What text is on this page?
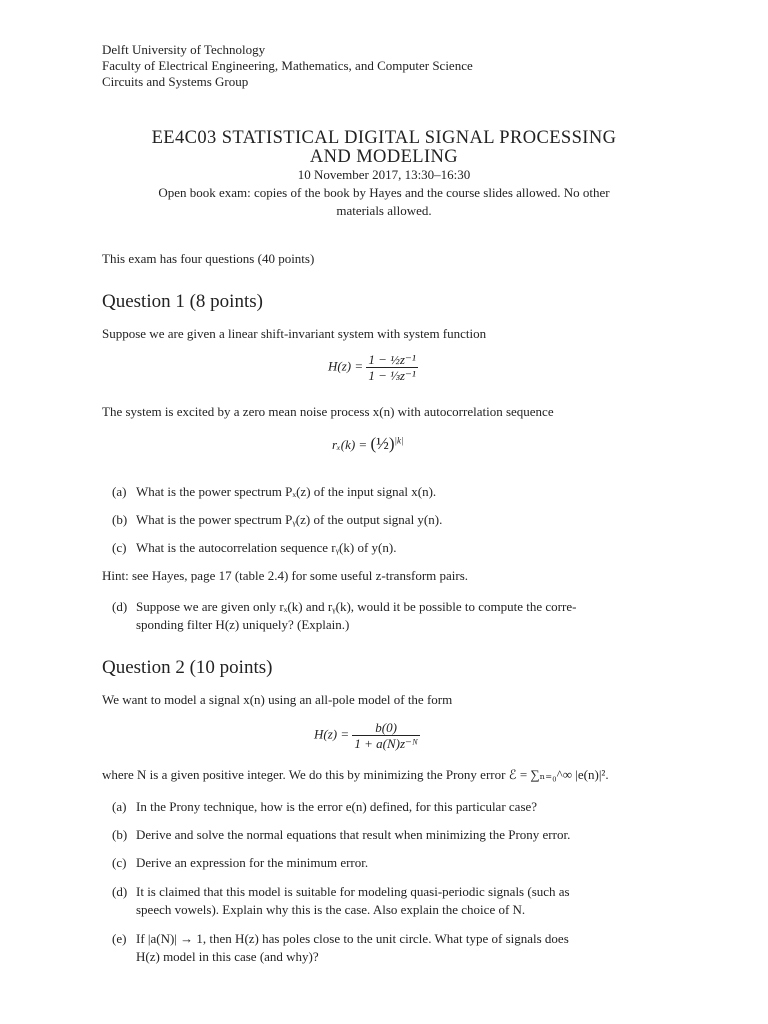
Delft University of Technology
Faculty of Electrical Engineering, Mathematics, and Computer Science
Circuits and Systems Group
EE4C03 STATISTICAL DIGITAL SIGNAL PROCESSING
AND MODELING
10 November 2017, 13:30–16:30
Open book exam: copies of the book by Hayes and the course slides allowed. No other
materials allowed.
This exam has four questions (40 points)
Question 1 (8 points)
Suppose we are given a linear shift-invariant system with system function
$H(z) = \frac{\text{1 − ½z⁻¹}}{\text{1 − ⅓z⁻¹}}$
The system is excited by a zero mean noise process x(n) with autocorrelation sequence
rₓ(k) = (½)$^{|k|}$
(a) What is the power spectrum Pₓ(z) of the input signal x(n).
(b) What is the power spectrum Pᵧ(z) of the output signal y(n).
(c) What is the autocorrelation sequence rᵧ(k) of y(n).
Hint: see Hayes, page 17 (table 2.4) for some useful z-transform pairs.
(d) Suppose we are given only rₓ(k) and rᵧ(k), would it be possible to compute the corre-
sponding filter H(z) uniquely? (Explain.)
Question 2 (10 points)
We want to model a signal x(n) using an all-pole model of the form
$H(z) = \frac{b(0)}{\text{1 + a(N)z⁻ᴺ}}$
where N is a given positive integer. We do this by minimizing the Prony error ℰ = ∑ₙ₌₀^∞ |e(n)|².
(a) In the Prony technique, how is the error e(n) defined, for this particular case?
(b) Derive and solve the normal equations that result when minimizing the Prony error.
(c) Derive an expression for the minimum error.
(d) It is claimed that this model is suitable for modeling quasi-periodic signals (such as
speech vowels). Explain why this is the case. Also explain the choice of N.
(e) If |a(N)| → 1, then H(z) has poles close to the unit circle. What type of signals does
H(z) model in this case (and why)?
